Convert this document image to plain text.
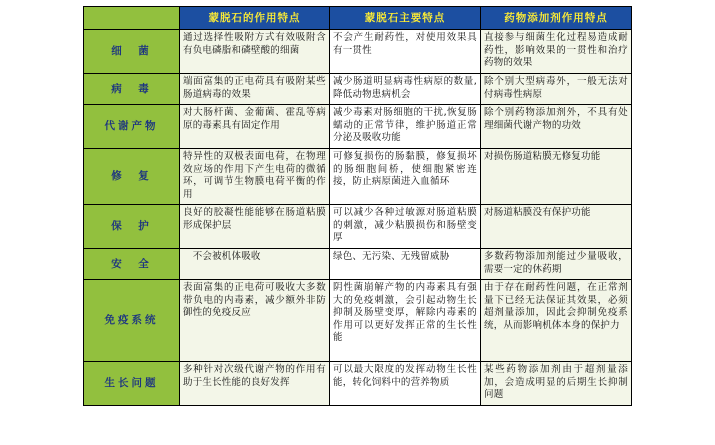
	蒙脱石的作用特点	蒙脱石主要特点	药物添加剂作用特点
细　菌	通过选择性吸附方式有效吸附含有负电磷脂和磷壁酸的细菌	不会产生耐药性，对使用效果具有一贯性	直接参与细菌生化过程易造成耐药性，影响效果的一贯性和治疗药物的效果
病　毒	端面富集的正电荷具有吸附某些肠道病毒的效果	减少肠道明显病毒性病原的数量,降低动物患病机会	除个别大型病毒外，一般无法对付病毒性病原
代谢产物	对大肠杆菌、金葡菌、霍乱等病原的毒素具有固定作用	减少毒素对肠细胞的干扰,恢复肠蠕动的正常节律，维护肠道正常分泌及吸收功能	除个别药物添加剂外，不具有处理细菌代谢产物的功效
修　复	特异性的双极表面电荷，在物理效应场的作用下产生电荷的微循环，可调节生物膜电荷平衡的作用	可修复损伤的肠黏膜，修复损坏的肠细胞间桥，使细胞紧密连接，防止病原菌进入血循环	对损伤肠道粘膜无修复功能
保　护	良好的胶凝性能能够在肠道粘膜形成保护层	可以减少各种过敏源对肠道粘膜的刺激，减少粘膜损伤和肠壁变厚	对肠道粘膜没有保护功能
安　全	　不会被机体吸收	绿色、无污染、无残留威胁	多数药物添加剂能过少量吸收，需要一定的休药期
免疫系统	表面富集的正电荷可吸收大多数带负电的内毒素，减少额外非防御性的免疫反应	阴性菌崩解产物的内毒素具有强大的免疫刺激，会引起动物生长抑制及肠壁变厚，解除内毒素的作用可以更好发挥正常的生长性能	由于存在耐药性问题，在正常剂量下已经无法保证其效果，必须超剂量添加，因此会抑制免疫系统，从而影响机体本身的保护力
生长问题	多种针对次级代谢产物的作用有助于生长性能的良好发挥	可以最大限度的发挥动物生长性能，转化饲料中的营养物质	某些药物添加剂由于超剂量添加，会造成明显的后期生长抑制问题
